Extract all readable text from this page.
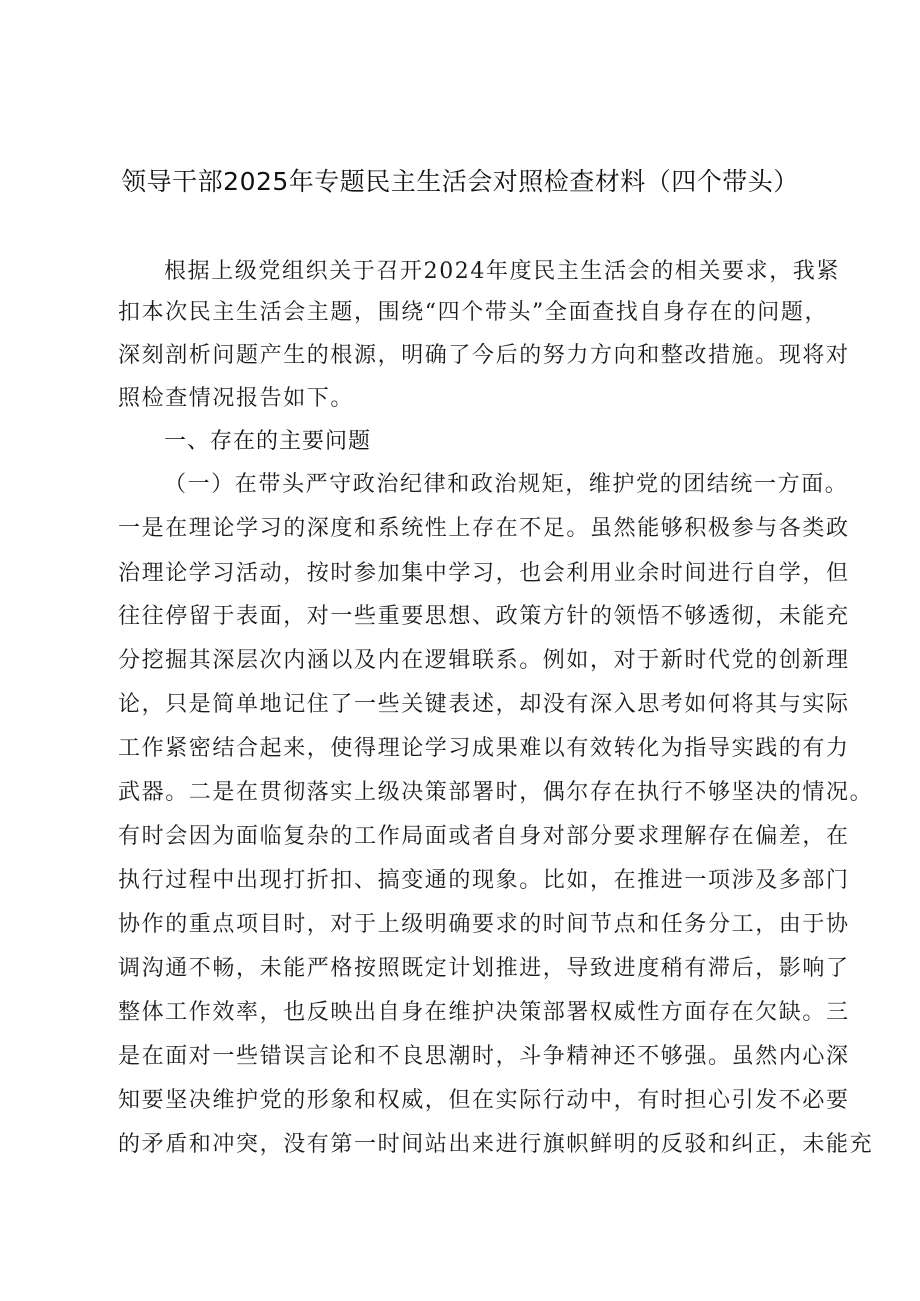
领导干部2025年专题民主生活会对照检查材料（四个带头）

根据上级党组织关于召开2024年度民主生活会的相关要求，我紧

扣本次民主生活会主题，围绕“四个带头”全面查找自身存在的问题，

深刻剖析问题产生的根源，明确了今后的努力方向和整改措施。现将对

照检查情况报告如下。

一、存在的主要问题

（一）在带头严守政治纪律和政治规矩，维护党的团结统一方面。

一是在理论学习的深度和系统性上存在不足。虽然能够积极参与各类政

治理论学习活动，按时参加集中学习，也会利用业余时间进行自学，但

往往停留于表面，对一些重要思想、政策方针的领悟不够透彻，未能充

分挖掘其深层次内涵以及内在逻辑联系。例如，对于新时代党的创新理

论，只是简单地记住了一些关键表述，却没有深入思考如何将其与实际

工作紧密结合起来，使得理论学习成果难以有效转化为指导实践的有力

武器。二是在贯彻落实上级决策部署时，偶尔存在执行不够坚决的情况。

有时会因为面临复杂的工作局面或者自身对部分要求理解存在偏差，在

执行过程中出现打折扣、搞变通的现象。比如，在推进一项涉及多部门

协作的重点项目时，对于上级明确要求的时间节点和任务分工，由于协

调沟通不畅，未能严格按照既定计划推进，导致进度稍有滞后，影响了

整体工作效率，也反映出自身在维护决策部署权威性方面存在欠缺。三

是在面对一些错误言论和不良思潮时，斗争精神还不够强。虽然内心深

知要坚决维护党的形象和权威，但在实际行动中，有时担心引发不必要

的矛盾和冲突，没有第一时间站出来进行旗帜鲜明的反驳和纠正，未能充
